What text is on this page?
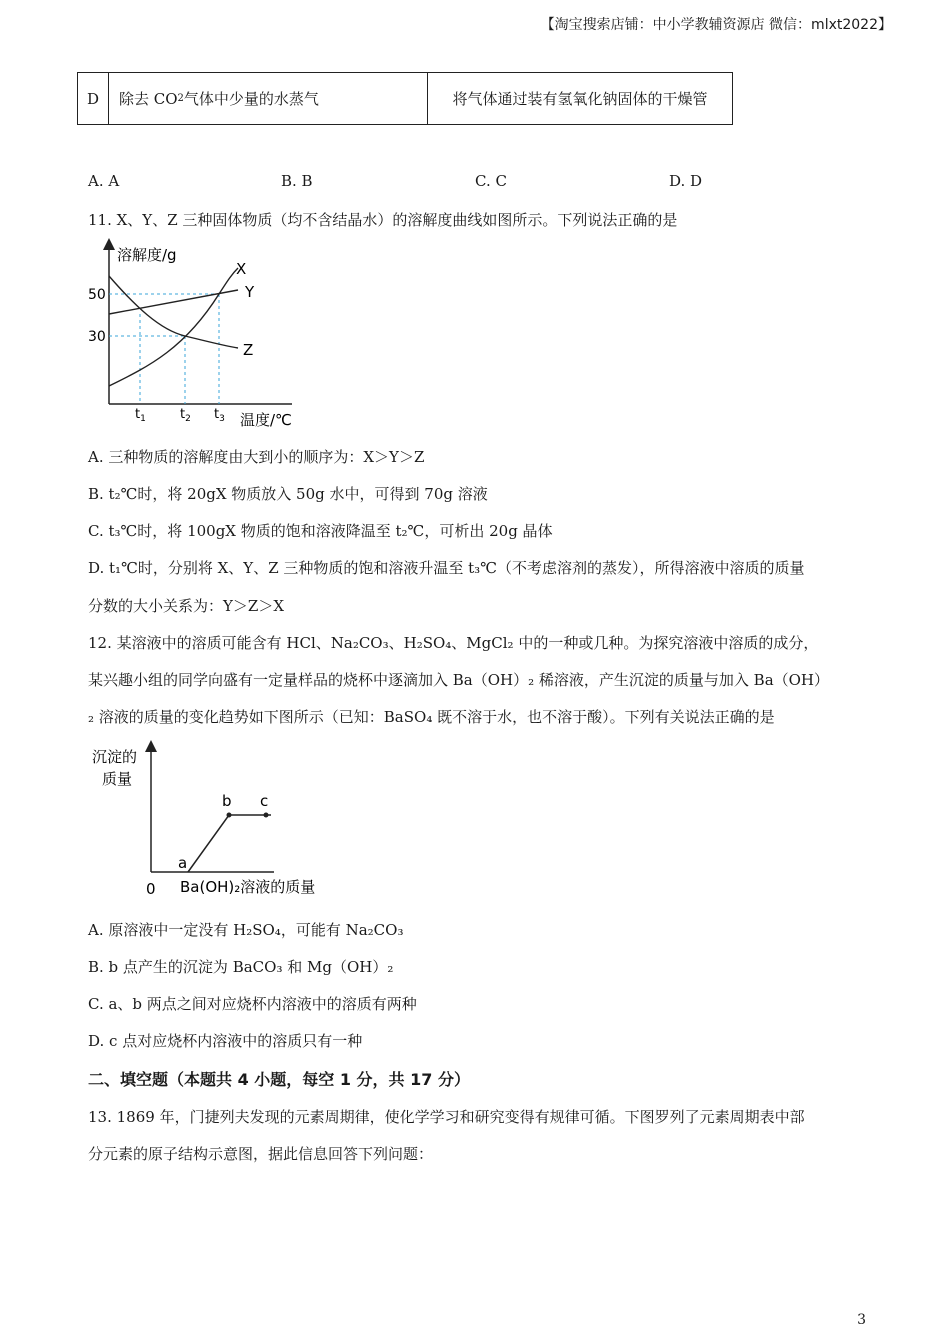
【淘宝搜索店铺：中小学教辅资源店 微信：mlxt2022】
D	除去 CO 2 气体中少量的水蒸气	将气体通过装有氢氧化钠固体的干燥管
A. A	B. B	C. C	D. D
11. X、Y、Z 三种固体物质（均不含结晶水）的溶解度曲线如图所示。下列说法正确的是
溶解度/g
50
30
X
Y
Z
$t_1$	$t_2$ $t_3$ 温度/℃
A. 三种物质的溶解度由大到小的顺序为：X＞Y＞Z
B. t₂℃时，将 20gX 物质放入 50g 水中，可得到 70g 溶液
C. t₃℃时，将 100gX 物质的饱和溶液降温至 t₂℃，可析出 20g 晶体
D. t₁℃时，分别将 X、Y、Z 三种物质的饱和溶液升温至 t₃℃（不考虑溶剂的蒸发），所得溶液中溶质的质量
分数的大小关系为：Y＞Z＞X
12. 某溶液中的溶质可能含有 HCl、Na₂CO₃、H₂SO₄、MgCl₂ 中的一种或几种。为探究溶液中溶质的成分，
某兴趣小组的同学向盛有一定量样品的烧杯中逐滴加入 Ba（OH）₂ 稀溶液，产生沉淀的质量与加入 Ba（OH）
₂ 溶液的质量的变化趋势如下图所示（已知：BaSO₄ 既不溶于水，也不溶于酸）。下列有关说法正确的是
沉淀的
质量
0
a
b c
Ba(OH)₂溶液的质量
A. 原溶液中一定没有 H₂SO₄，可能有 Na₂CO₃
B. b 点产生的沉淀为 BaCO₃ 和 Mg（OH）₂
C. a、b 两点之间对应烧杯内溶液中的溶质有两种
D. c 点对应烧杯内溶液中的溶质只有一种
二、填空题（本题共 4 小题，每空 1 分，共 17 分）
13. 1869 年，门捷列夫发现的元素周期律，使化学学习和研究变得有规律可循。下图罗列了元素周期表中部
分元素的原子结构示意图，据此信息回答下列问题：
3
